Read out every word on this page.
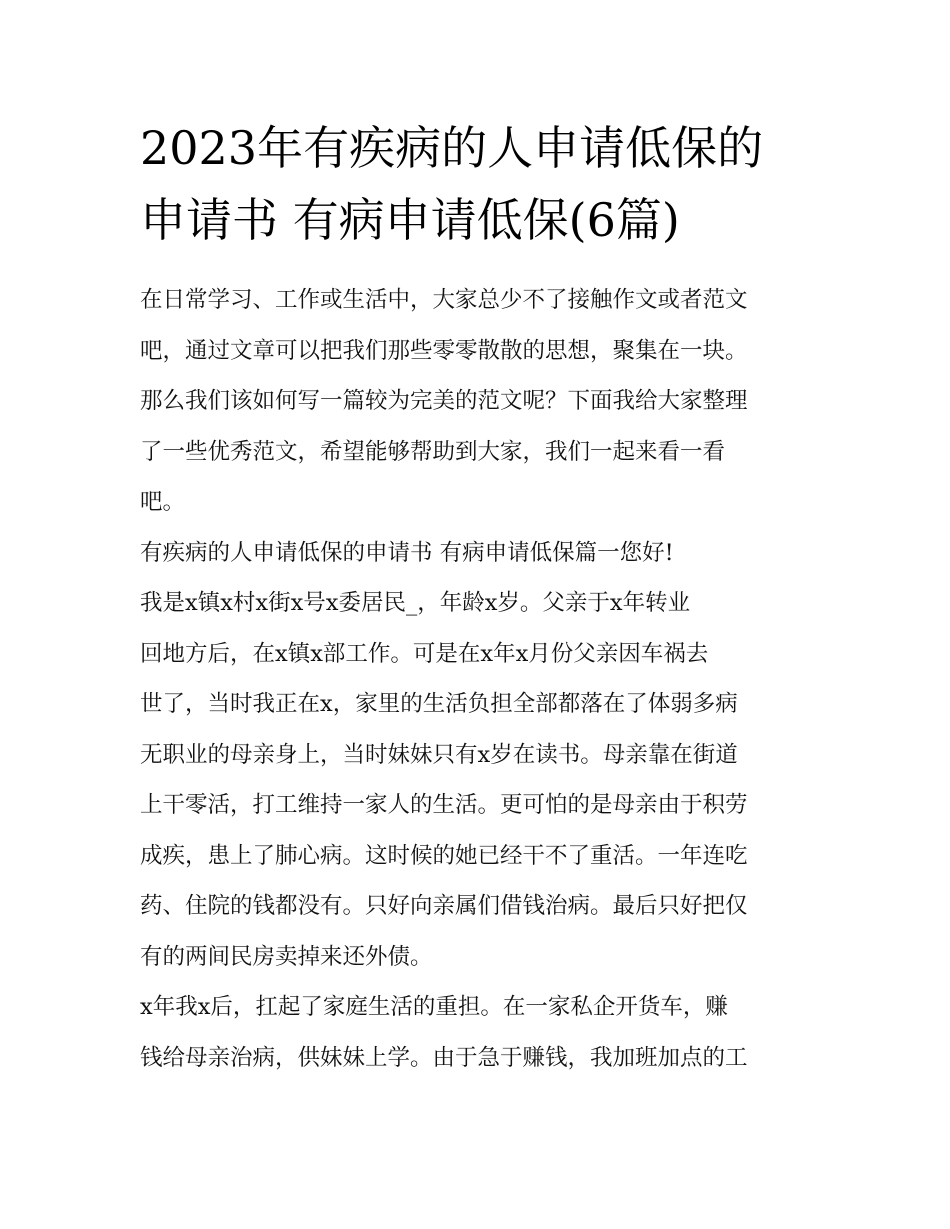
2023年有疾病的人申请低保的
申请书 有病申请低保(6篇)
在日常学习、工作或生活中，大家总少不了接触作文或者范文
吧，通过文章可以把我们那些零零散散的思想，聚集在一块。
那么我们该如何写一篇较为完美的范文呢？下面我给大家整理
了一些优秀范文，希望能够帮助到大家，我们一起来看一看
吧。
有疾病的人申请低保的申请书 有病申请低保篇一您好!
我是x镇x村x街x号x委居民_，年龄x岁。父亲于x年转业
回地方后，在x镇x部工作。可是在x年x月份父亲因车祸去
世了，当时我正在x，家里的生活负担全部都落在了体弱多病
无职业的母亲身上，当时妹妹只有x岁在读书。母亲靠在街道
上干零活，打工维持一家人的生活。更可怕的是母亲由于积劳
成疾，患上了肺心病。这时候的她已经干不了重活。一年连吃
药、住院的钱都没有。只好向亲属们借钱治病。最后只好把仅
有的两间民房卖掉来还外债。
x年我x后，扛起了家庭生活的重担。在一家私企开货车，赚
钱给母亲治病，供妹妹上学。由于急于赚钱，我加班加点的工
